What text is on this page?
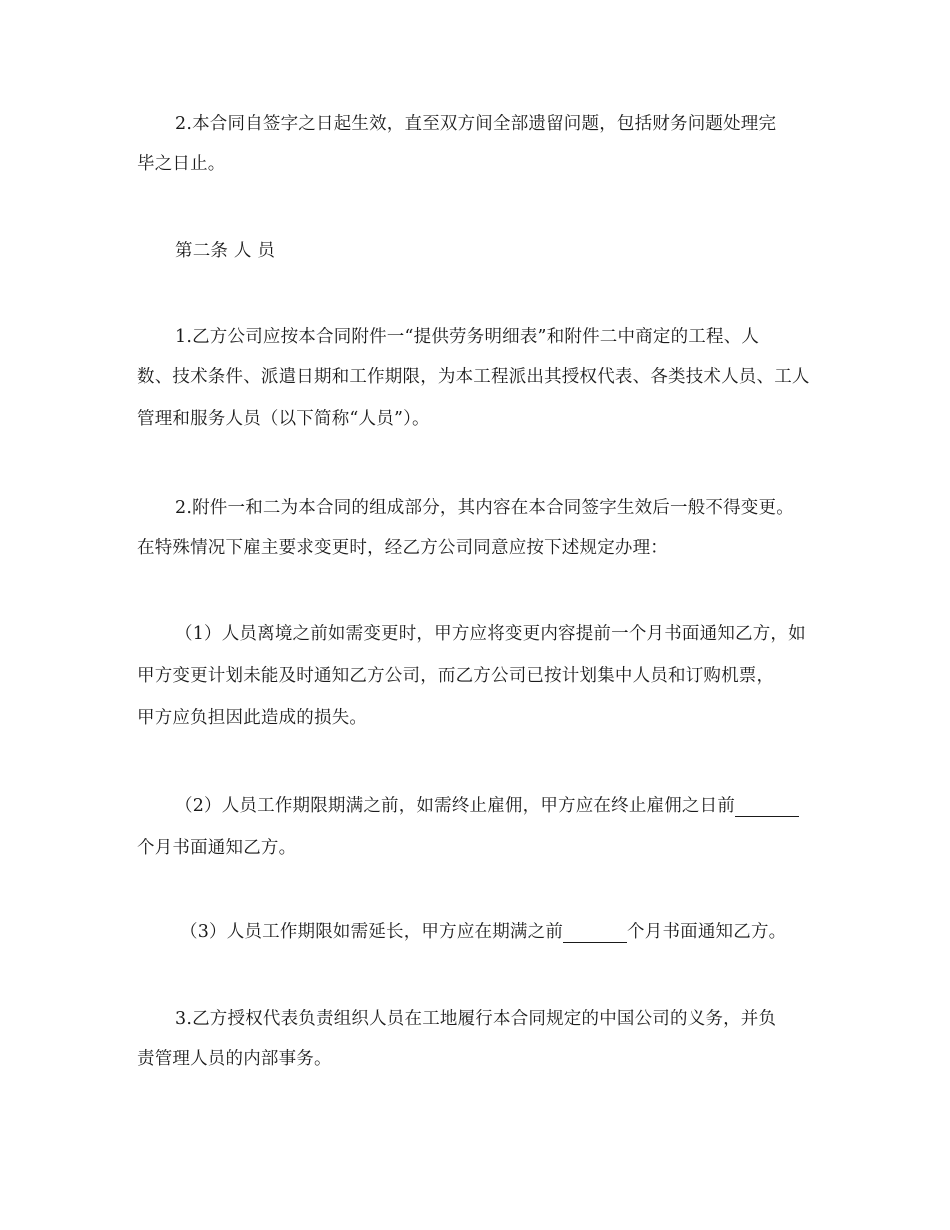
2.本合同自签字之日起生效，直至双方间全部遗留问题，包括财务问题处理完
毕之日止。
第二条 人 员
1.乙方公司应按本合同附件一“提供劳务明细表”和附件二中商定的工程、人
数、技术条件、派遣日期和工作期限，为本工程派出其授权代表、各类技术人员、工人
管理和服务人员（以下简称“人员”）。
2.附件一和二为本合同的组成部分，其内容在本合同签字生效后一般不得变更。
在特殊情况下雇主要求变更时，经乙方公司同意应按下述规定办理：
（1）人员离境之前如需变更时，甲方应将变更内容提前一个月书面通知乙方，如
甲方变更计划未能及时通知乙方公司，而乙方公司已按计划集中人员和订购机票，
甲方应负担因此造成的损失。
（2）人员工作期限期满之前，如需终止雇佣，甲方应在终止雇佣之日前
个月书面通知乙方。
（3）人员工作期限如需延长，甲方应在期满之前	个月书面通知乙方。
3.乙方授权代表负责组织人员在工地履行本合同规定的中国公司的义务，并负
责管理人员的内部事务。
